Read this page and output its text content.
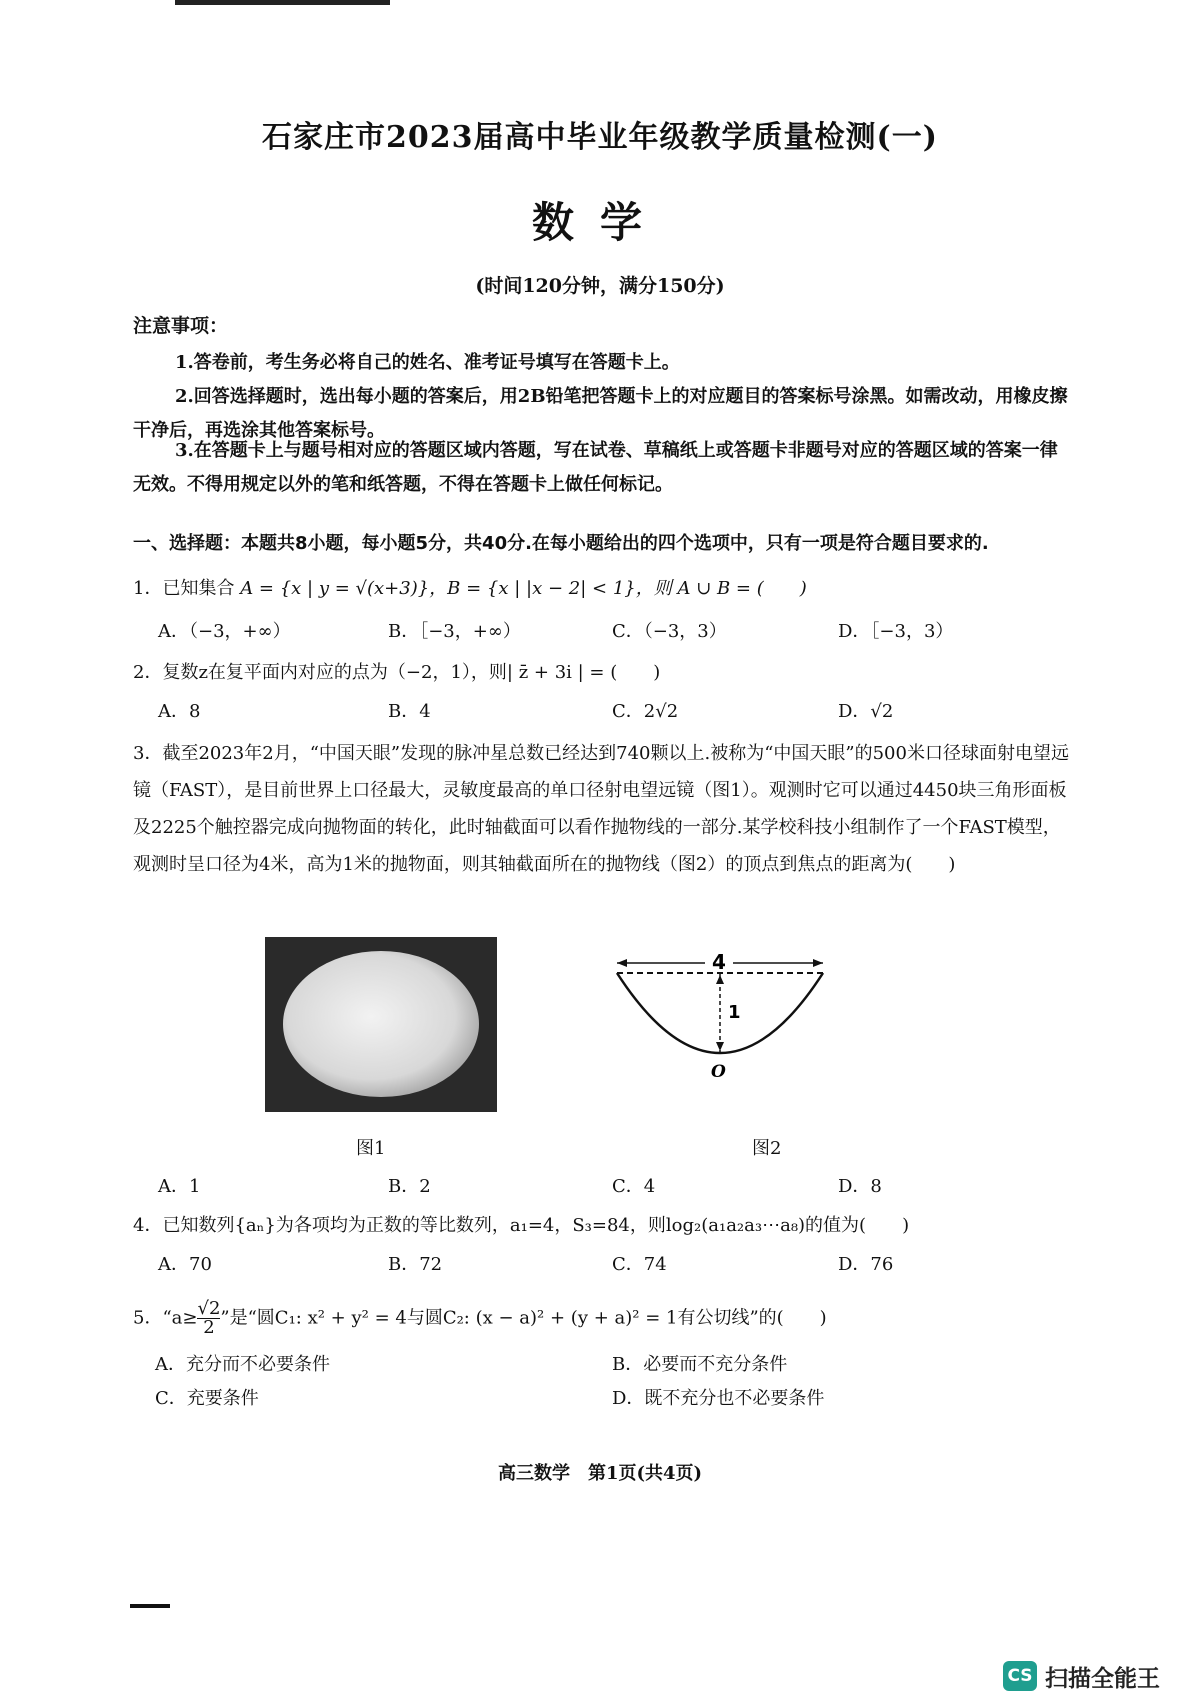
石家庄市2023届高中毕业年级教学质量检测(一)
数学
(时间120分钟，满分150分)
注意事项：
1.答卷前，考生务必将自己的姓名、准考证号填写在答题卡上。
2.回答选择题时，选出每小题的答案后，用2B铅笔把答题卡上的对应题目的答案标号涂黑。如需改动，用橡皮擦干净后，再选涂其他答案标号。
3.在答题卡上与题号相对应的答题区域内答题，写在试卷、草稿纸上或答题卡非题号对应的答题区域的答案一律无效。不得用规定以外的笔和纸答题，不得在答题卡上做任何标记。
一、选择题：本题共8小题，每小题5分，共40分.在每小题给出的四个选项中，只有一项是符合题目要求的.
1．已知集合 A = {x | y = √(x+3)}，B = {x | |x − 2| < 1}，则 A ∪ B = (　　)
A．（−3，+∞）	B．［−3，+∞）	C．（−3，3）	D．［−3，3）
2．复数z在复平面内对应的点为（−2，1），则| z̄ + 3i | = (　　)
A．8	B．4	C．2√2	D．√2
3．截至2023年2月，“中国天眼”发现的脉冲星总数已经达到740颗以上.被称为“中国天眼”的500米口径球面射电望远镜（FAST），是目前世界上口径最大，灵敏度最高的单口径射电望远镜（图1）。观测时它可以通过4450块三角形面板及2225个触控器完成向抛物面的转化，此时轴截面可以看作抛物线的一部分.某学校科技小组制作了一个FAST模型，观测时呈口径为4米，高为1米的抛物面，则其轴截面所在的抛物线（图2）的顶点到焦点的距离为(　　)
4
1
O
图1	图2
A．1	B．2	C．4	D．8
4．已知数列{aₙ}为各项均为正数的等比数列，a₁=4，S₃=84，则log₂(a₁a₂a₃⋯a₈)的值为(　　)
A．70	B．72	C．74	D．76
5．“$a\ge \frac{√2}{2}$ ”是“圆C₁: x² + y² = 4与圆C₂: (x − a)² + (y + a)² = 1有公切线”的(　　)
A．充分而不必要条件	B．必要而不充分条件
C．充要条件	D．既不充分也不必要条件
高三数学　第1页(共4页)
CS 扫描全能王
